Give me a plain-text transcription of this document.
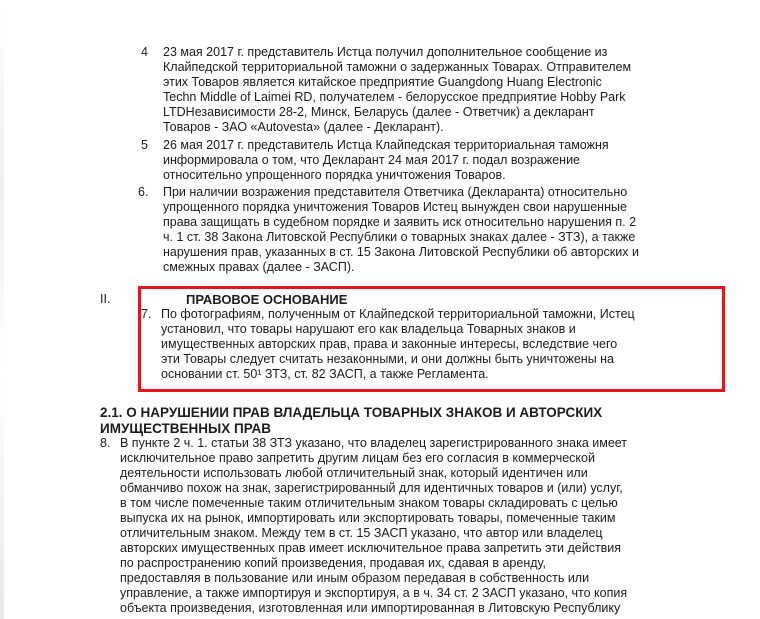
4 23 мая 2017 г. представитель Истца получил дополнительное сообщение из
Клайпедской территориальной таможни о задержанных Товарах. Отправителем
этих Товаров является китайское предприятие Guangdong Huang Electronic
Techn Middle of Laimei RD, получателем - белорусское предприятие Hobby Park
LTDНезависимости 28-2, Минск, Беларусь (далее - Ответчик) а декларант
Товаров - ЗАО «Autovesta» (далее - Декларант).
5 26 мая 2017 г. представитель Истца Клайпедская территориальная таможня
информировала о том, что Декларант 24 мая 2017 г. подал возражение
относительно упрощенного порядка уничтожения Товаров.
6. При наличии возражения представителя Ответчика (Декларанта) относительно
упрощенного порядка уничтожения Товаров Истец вынужден свои нарушенные
права защищать в судебном порядке и заявить иск относительно нарушения п. 2
ч. 1 ст. 38 Закона Литовской Республики о товарных знаках далее - ЗТЗ), а также
нарушения прав, указанных в ст. 15 Закона Литовской Республики об авторских и
смежных правах (далее - ЗАСП).
II.	ПРАВОВОЕ ОСНОВАНИЕ
7. По фотографиям, полученным от Клайпедской территориальной таможни, Истец
установил, что товары нарушают его как владельца Товарных знаков и
имущественных авторских прав, права и законные интересы, вследствие чего
эти Товары следует считать незаконными, и они должны быть уничтожены на
основании ст. 50¹ ЗТЗ, ст. 82 ЗАСП, а также Регламента.
2.1. О НАРУШЕНИИ ПРАВ ВЛАДЕЛЬЦА ТОВАРНЫХ ЗНАКОВ И АВТОРСКИХ
ИМУЩЕСТВЕННЫХ ПРАВ
8. В пункте 2 ч. 1. статьи 38 ЗТЗ указано, что владелец зарегистрированного знака имеет
исключительное право запретить другим лицам без его согласия в коммерческой
деятельности использовать любой отличительный знак, который идентичен или
обманчиво похож на знак, зарегистрированный для идентичных товаров и (или) услуг,
в том числе помеченные таким отличительным знаком товары складировать с целью
выпуска их на рынок, импортировать или экспортировать товары, помеченные таким
отличительным знаком. Между тем в ст. 15 ЗАСП указано, что автор или владелец
авторских имущественных прав имеет исключительное права запретить эти действия
по распространению копий произведения, продавая их, сдавая в аренду,
предоставляя в пользование или иным образом передавая в собственность или
управление, а также импортируя и экспортируя, а в ч. 34 ст. 2 ЗАСП указано, что копия
объекта произведения, изготовленная или импортированная в Литовскую Республику
